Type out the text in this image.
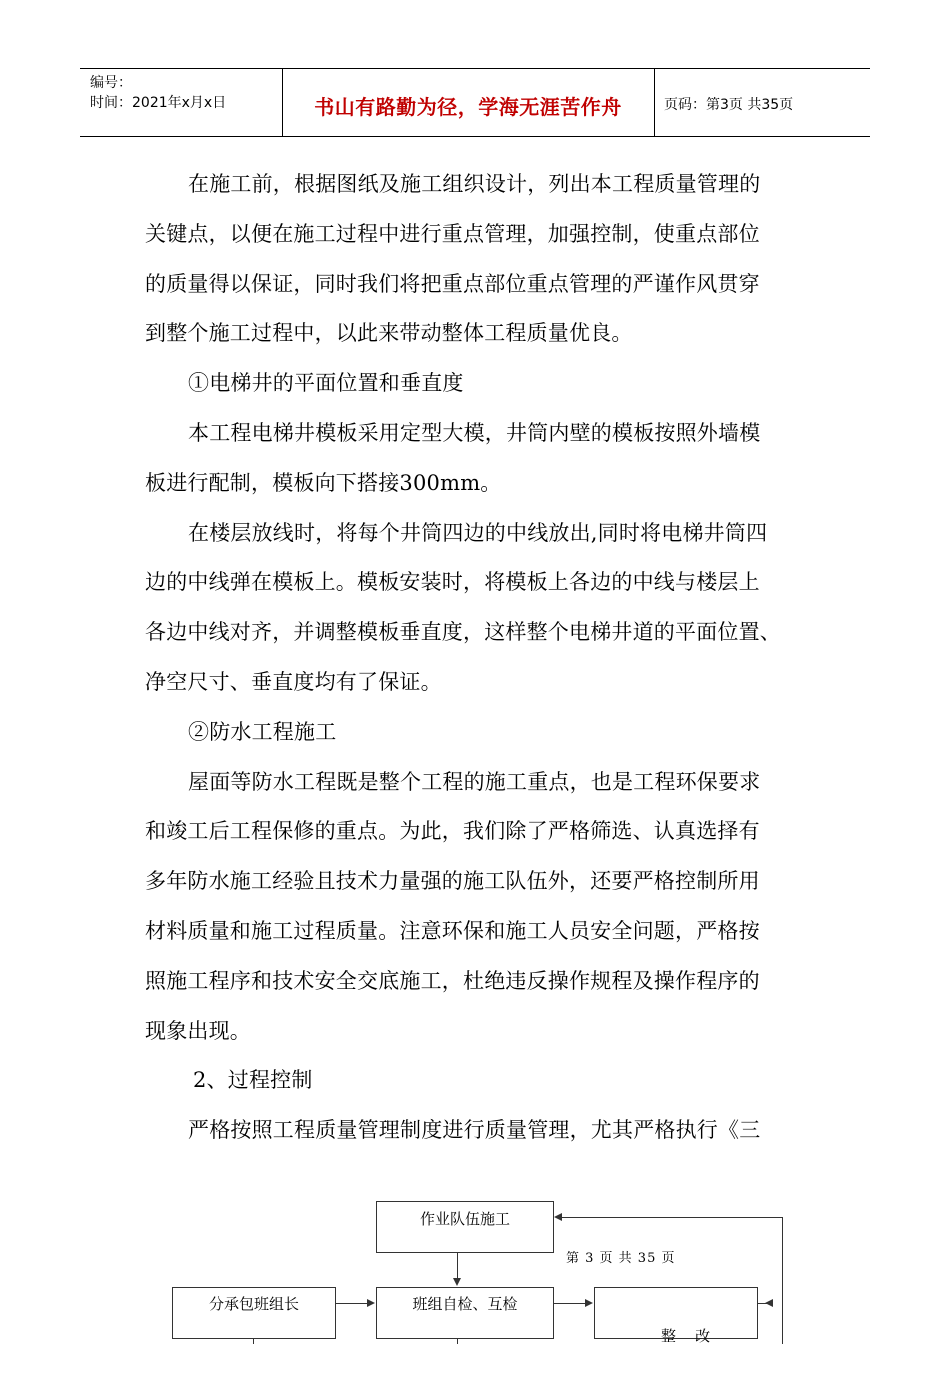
编号：
时间：2021年x月x日	书山有路勤为径，学海无涯苦作舟	页码：第3页 共35页

在施工前，根据图纸及施工组织设计，列出本工程质量管理的

关键点，以便在施工过程中进行重点管理，加强控制，使重点部位

的质量得以保证，同时我们将把重点部位重点管理的严谨作风贯穿

到整个施工过程中，以此来带动整体工程质量优良。

①电梯井的平面位置和垂直度

本工程电梯井模板采用定型大模，井筒内壁的模板按照外墙模

板进行配制，模板向下搭接300mm。

在楼层放线时，将每个井筒四边的中线放出,同时将电梯井筒四

边的中线弹在模板上。模板安装时，将模板上各边的中线与楼层上

各边中线对齐，并调整模板垂直度，这样整个电梯井道的平面位置、

净空尺寸、垂直度均有了保证。

②防水工程施工

屋面等防水工程既是整个工程的施工重点，也是工程环保要求

和竣工后工程保修的重点。为此，我们除了严格筛选、认真选择有

多年防水施工经验且技术力量强的施工队伍外，还要严格控制所用

材料质量和施工过程质量。注意环保和施工人员安全问题，严格按

照施工程序和技术安全交底施工，杜绝违反操作规程及操作程序的

现象出现。

2、过程控制

严格按照工程质量管理制度进行质量管理，尤其严格执行《三

作业队伍施工
分承包班组长	班组自检、互检

整    改

第 3 页 共 35 页
